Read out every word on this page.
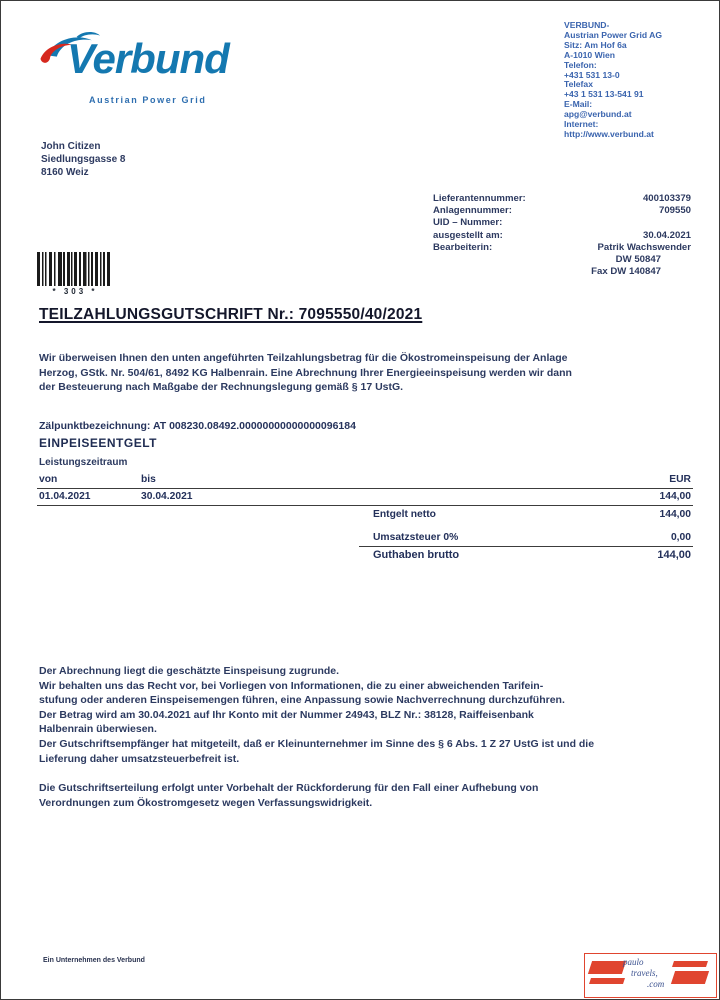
Verbund
Austrian Power Grid
VERBUND-
Austrian Power Grid AG
Sitz: Am Hof 6a
A-1010 Wien
Telefon:
+431 531 13-0
Telefax
+43 1 531 13-541 91
E-Mail:
apg@verbund.at
Internet:
http://www.verbund.at
John Citizen
Siedlungsgasse 8
8160 Weiz
Lieferantennummer:	400103379
Anlagennummer:	709550
UID – Nummer:
ausgestellt am:	30.04.2021
Bearbeiterin:	Patrik Wachswender
DW 50847
Fax DW 140847
* 303 *
TEILZAHLUNGSGUTSCHRIFT Nr.: 7095550/40/2021
Wir überweisen Ihnen den unten angeführten Teilzahlungsbetrag für die Ökostromeinspeisung der Anlage
Herzog, GStk. Nr. 504/61, 8492 KG Halbenrain. Eine Abrechnung Ihrer Energieeinspeisung werden wir dann
der Besteuerung nach Maßgabe der Rechnungslegung gemäß § 17 UstG.
Zälpunktbezeichnung: AT 008230.08492.00000000000000096184
EINPEISEENTGELT
Leistungszeitraum
von	bis	EUR
01.04.2021	30.04.2021	144,00
Entgelt netto	144,00
Umsatzsteuer 0%	0,00
Guthaben brutto	144,00
Der Abrechnung liegt die geschätzte Einspeisung zugrunde.
Wir behalten uns das Recht vor, bei Vorliegen von Informationen, die zu einer abweichenden Tarifein-
stufung oder anderen Einspeisemengen führen, eine Anpassung sowie Nachverrechnung durchzuführen.
Der Betrag wird am 30.04.2021 auf Ihr Konto mit der Nummer 24943, BLZ Nr.: 38128, Raiffeisenbank
Halbenrain überwiesen.
Der Gutschriftsempfänger hat mitgeteilt, daß er Kleinunternehmer im Sinne des § 6 Abs. 1 Z 27 UstG ist und die
Lieferung daher umsatzsteuerbefreit ist.
Die Gutschriftserteilung erfolgt unter Vorbehalt der Rückforderung für den Fall einer Aufhebung von
Verordnungen zum Ökostromgesetz wegen Verfassungswidrigkeit.
Ein Unternehmen des Verbund	paulo
travels,
.com
